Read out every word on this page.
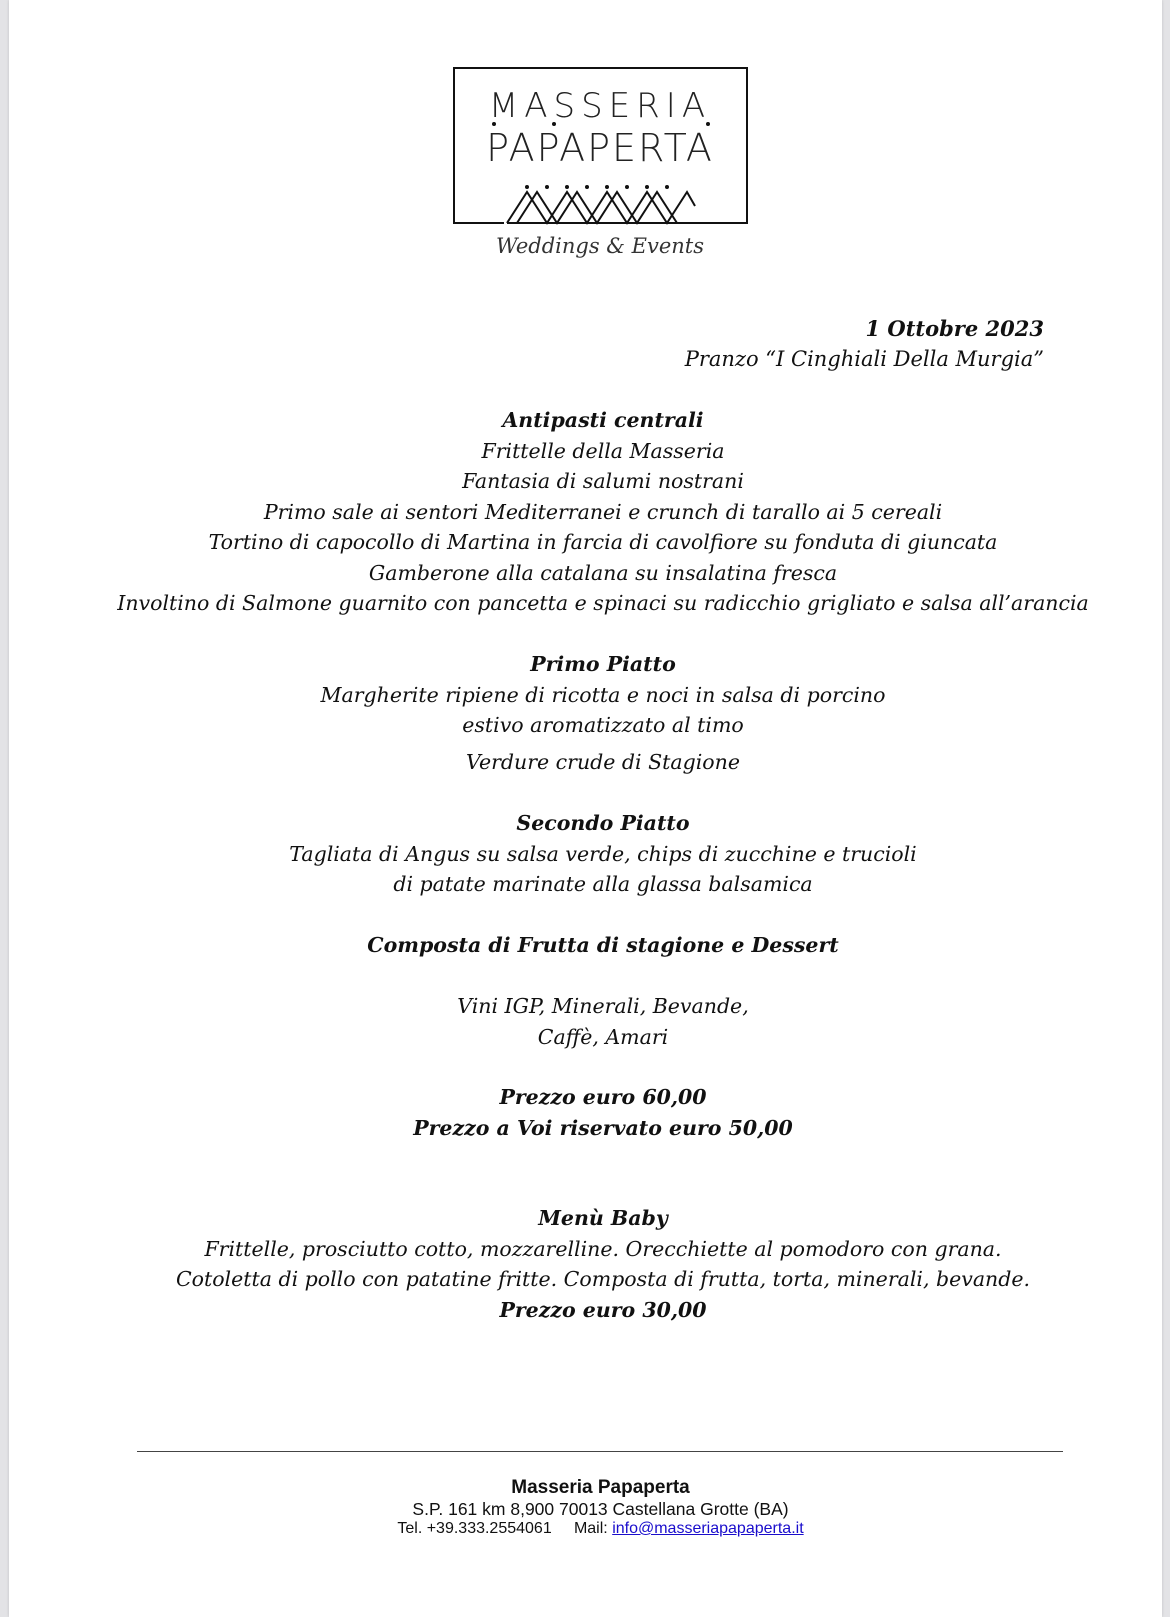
MASSERIA
PAPAPERTA
Weddings & Events
1 Ottobre 2023
Pranzo “I Cinghiali Della Murgia”
Antipasti centrali
Frittelle della Masseria
Fantasia di salumi nostrani
Primo sale ai sentori Mediterranei e crunch di tarallo ai 5 cereali
Tortino di capocollo di Martina in farcia di cavolfiore su fonduta di giuncata
Gamberone alla catalana su insalatina fresca
Involtino di Salmone guarnito con pancetta e spinaci su radicchio grigliato e salsa all’arancia
Primo Piatto
Margherite ripiene di ricotta e noci in salsa di porcino
estivo aromatizzato al timo
Verdure crude di Stagione
Secondo Piatto
Tagliata di Angus su salsa verde, chips di zucchine e trucioli
di patate marinate alla glassa balsamica
Composta di Frutta di stagione e Dessert
Vini IGP, Minerali, Bevande,
Caffè, Amari
Prezzo euro 60,00
Prezzo a Voi riservato euro 50,00
Menù Baby
Frittelle, prosciutto cotto, mozzarelline. Orecchiette al pomodoro con grana.
Cotoletta di pollo con patatine fritte. Composta di frutta, torta, minerali, bevande.
Prezzo euro 30,00
Masseria Papaperta
S.P. 161 km 8,900 70013 Castellana Grotte (BA)
Tel. +39.333.2554061 Mail: info@masseriapapaperta.it
